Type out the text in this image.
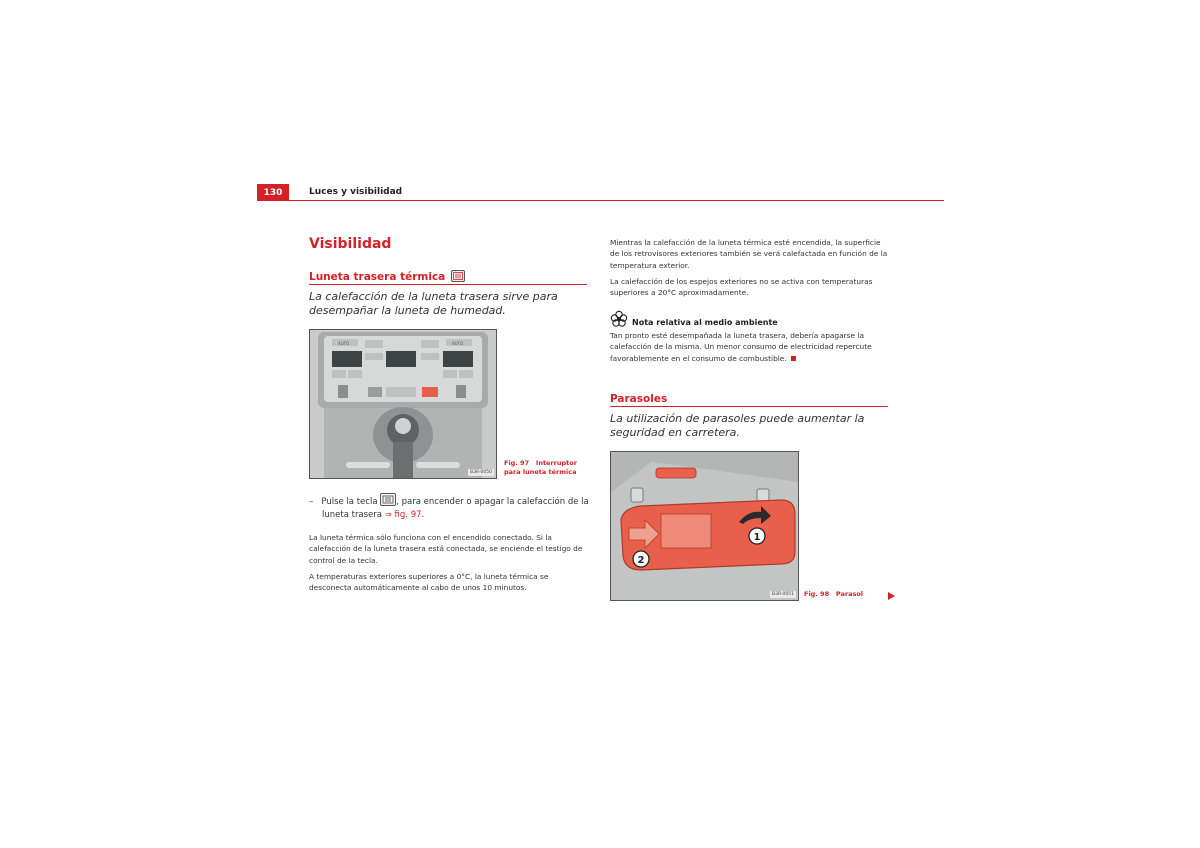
130	Luces y visibilidad
Visibilidad
Luneta trasera térmica
La calefacción de la luneta trasera sirve para desempañar la luneta de humedad.
AUTO	AUTO
B3R-0050
Fig. 97 Interruptor para luneta térmica
– Pulse la tecla , para encender o apagar la calefacción de la
luneta trasera ⇒ fig. 97.
La luneta térmica sólo funciona con el encendido conectado. Si la calefacción de la luneta trasera está conectada, se enciende el testigo de control de la tecla.
A temperaturas exteriores superiores a 0°C, la luneta térmica se desconecta automáticamente al cabo de unos 10 minutos.
Mientras la calefacción de la luneta térmica esté encendida, la superficie de los retrovisores exteriores también se verá calefactada en función de la temperatura exterior.
La calefacción de los espejos exteriores no se activa con temperaturas superiores a 20°C aproximadamente.
Nota relativa al medio ambiente
Tan pronto esté desempañada la luneta trasera, debería apagarse la calefacción de la misma. Un menor consumo de electricidad repercute favorablemente en el consumo de combustible.
Parasoles
La utilización de parasoles puede aumentar la seguridad en carretera.
2
1
B3R-0051	Fig. 98 Parasol
